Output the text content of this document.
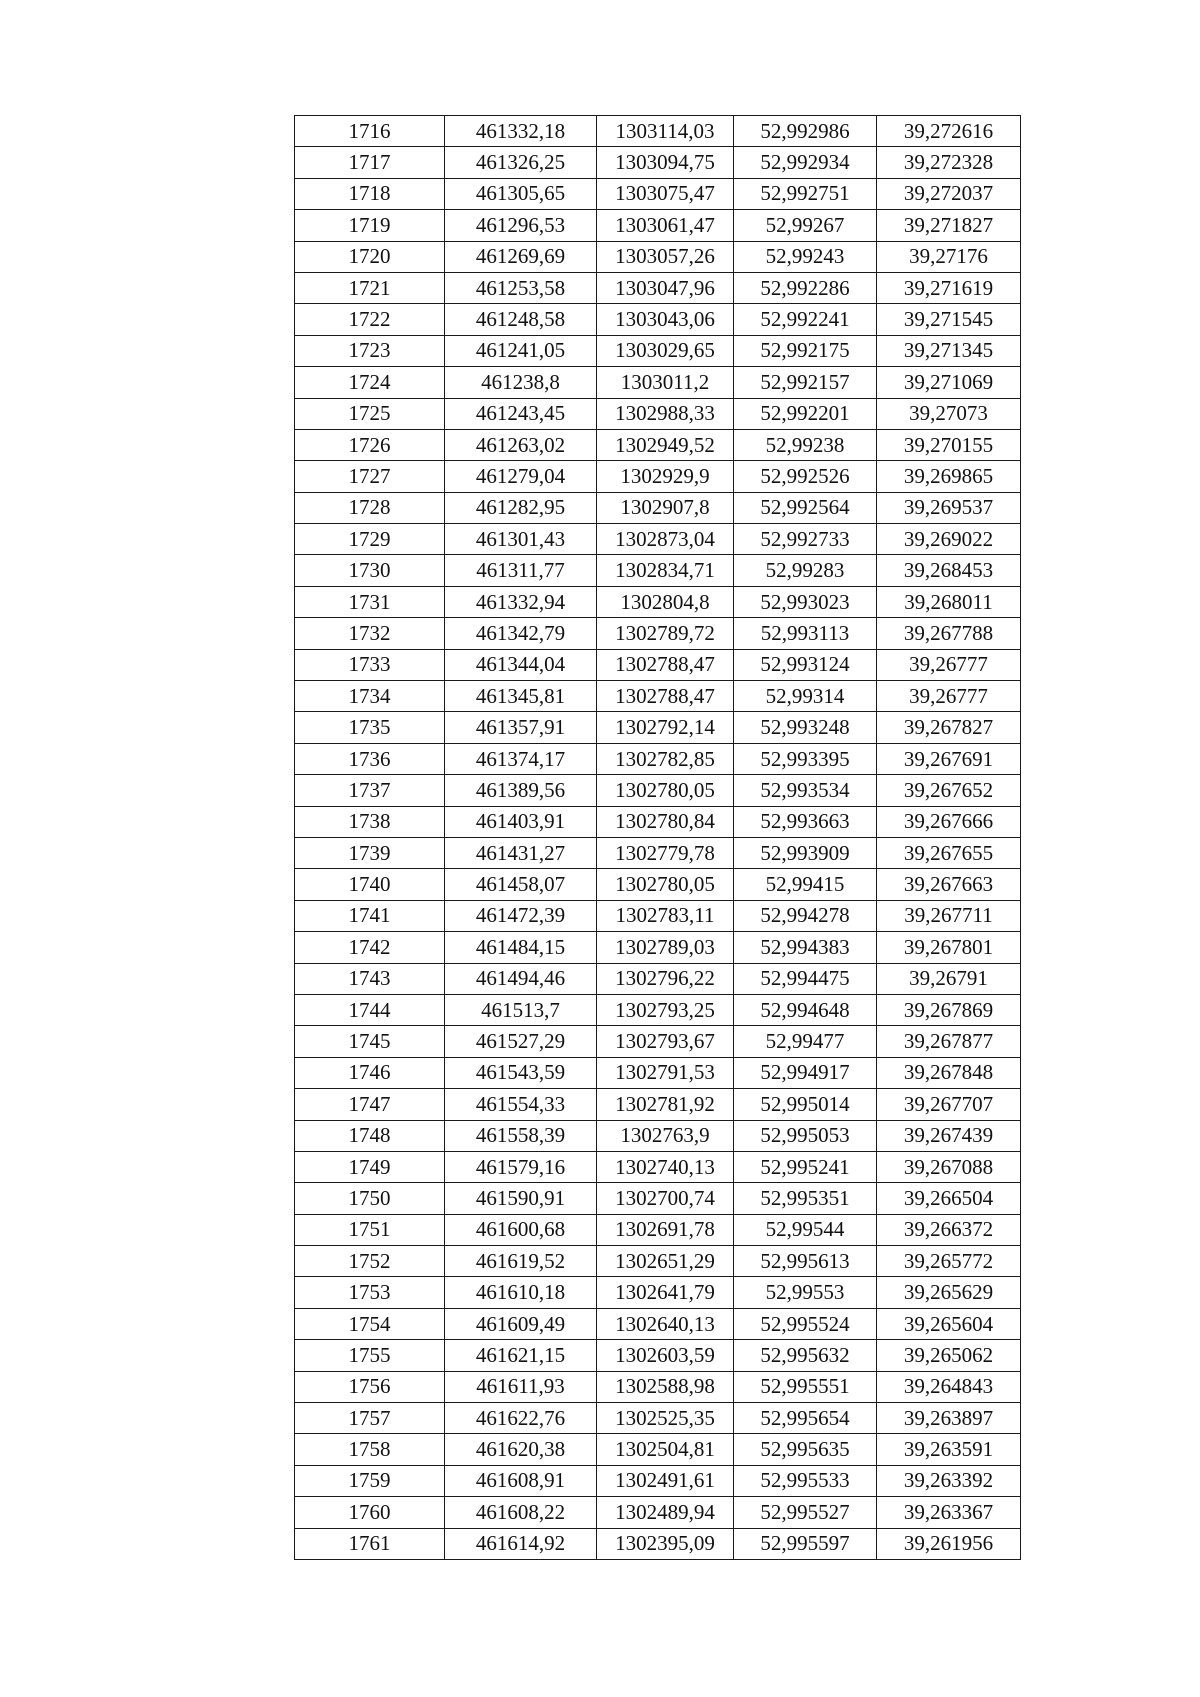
1716	461332,18	1303114,03	52,992986	39,272616
1717	461326,25	1303094,75	52,992934	39,272328
1718	461305,65	1303075,47	52,992751	39,272037
1719	461296,53	1303061,47	52,99267	39,271827
1720	461269,69	1303057,26	52,99243	39,27176
1721	461253,58	1303047,96	52,992286	39,271619
1722	461248,58	1303043,06	52,992241	39,271545
1723	461241,05	1303029,65	52,992175	39,271345
1724	461238,8	1303011,2	52,992157	39,271069
1725	461243,45	1302988,33	52,992201	39,27073
1726	461263,02	1302949,52	52,99238	39,270155
1727	461279,04	1302929,9	52,992526	39,269865
1728	461282,95	1302907,8	52,992564	39,269537
1729	461301,43	1302873,04	52,992733	39,269022
1730	461311,77	1302834,71	52,99283	39,268453
1731	461332,94	1302804,8	52,993023	39,268011
1732	461342,79	1302789,72	52,993113	39,267788
1733	461344,04	1302788,47	52,993124	39,26777
1734	461345,81	1302788,47	52,99314	39,26777
1735	461357,91	1302792,14	52,993248	39,267827
1736	461374,17	1302782,85	52,993395	39,267691
1737	461389,56	1302780,05	52,993534	39,267652
1738	461403,91	1302780,84	52,993663	39,267666
1739	461431,27	1302779,78	52,993909	39,267655
1740	461458,07	1302780,05	52,99415	39,267663
1741	461472,39	1302783,11	52,994278	39,267711
1742	461484,15	1302789,03	52,994383	39,267801
1743	461494,46	1302796,22	52,994475	39,26791
1744	461513,7	1302793,25	52,994648	39,267869
1745	461527,29	1302793,67	52,99477	39,267877
1746	461543,59	1302791,53	52,994917	39,267848
1747	461554,33	1302781,92	52,995014	39,267707
1748	461558,39	1302763,9	52,995053	39,267439
1749	461579,16	1302740,13	52,995241	39,267088
1750	461590,91	1302700,74	52,995351	39,266504
1751	461600,68	1302691,78	52,99544	39,266372
1752	461619,52	1302651,29	52,995613	39,265772
1753	461610,18	1302641,79	52,99553	39,265629
1754	461609,49	1302640,13	52,995524	39,265604
1755	461621,15	1302603,59	52,995632	39,265062
1756	461611,93	1302588,98	52,995551	39,264843
1757	461622,76	1302525,35	52,995654	39,263897
1758	461620,38	1302504,81	52,995635	39,263591
1759	461608,91	1302491,61	52,995533	39,263392
1760	461608,22	1302489,94	52,995527	39,263367
1761	461614,92	1302395,09	52,995597	39,261956
